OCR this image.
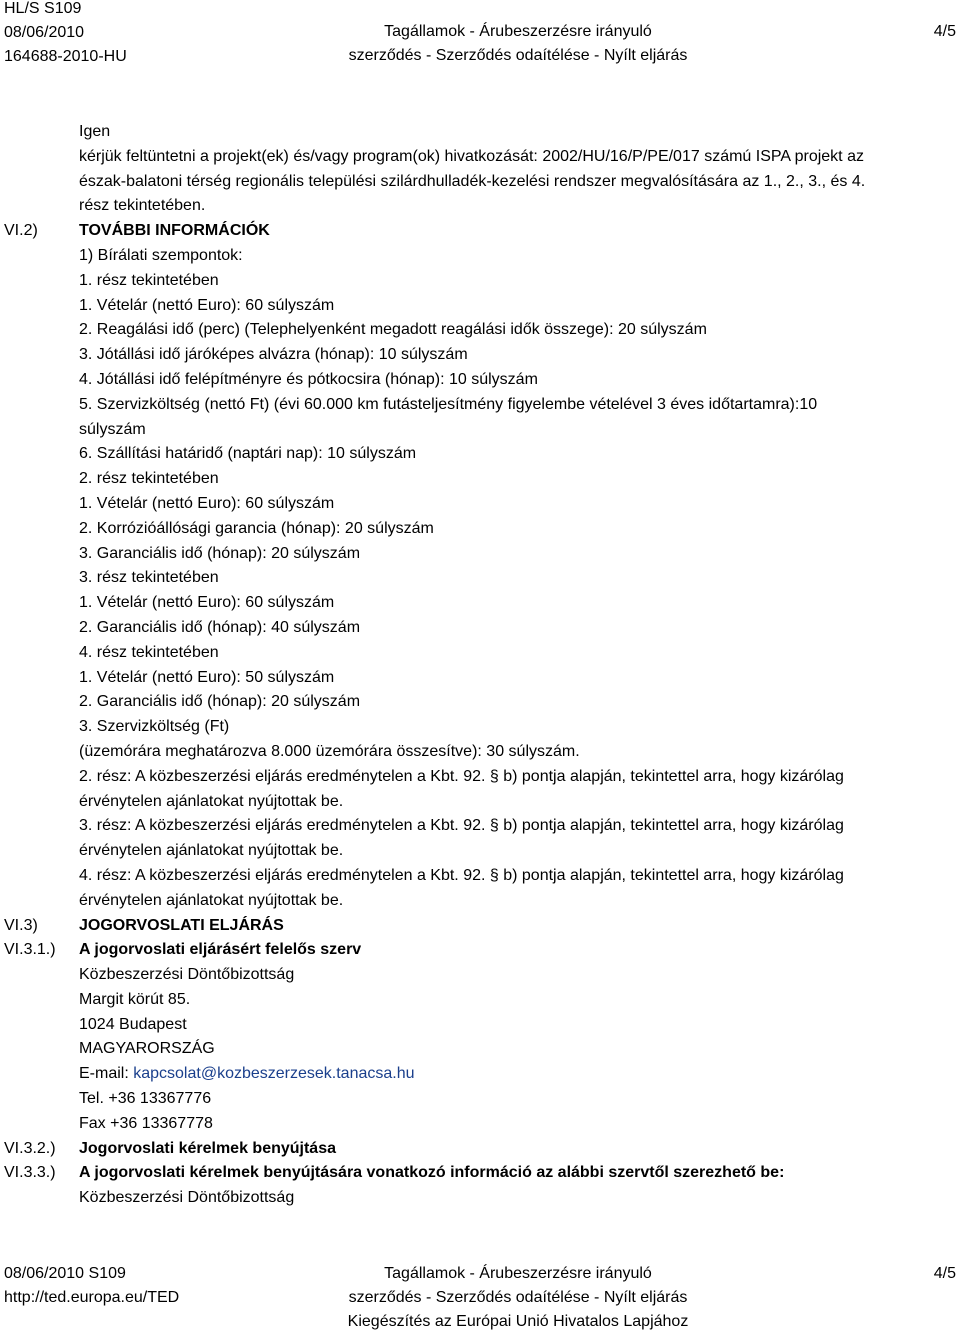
HL/S S109
08/06/2010
164688-2010-HU
Tagállamok - Árubeszerzésre irányuló
szerződés - Szerződés odaítélése - Nyílt eljárás
4/5
Igen
kérjük feltüntetni a projekt(ek) és/vagy program(ok) hivatkozását: 2002/HU/16/P/PE/017 számú ISPA projekt az
észak-balatoni térség regionális települési szilárdhulladék-kezelési rendszer megvalósítására az 1., 2., 3., és 4.
rész tekintetében.
VI.2)	TOVÁBBI INFORMÁCIÓK
1) Bírálati szempontok:
1. rész tekintetében
1. Vételár (nettó Euro): 60 súlyszám
2. Reagálási idő (perc) (Telephelyenként megadott reagálási idők összege): 20 súlyszám
3. Jótállási idő járóképes alvázra (hónap): 10 súlyszám
4. Jótállási idő felépítményre és pótkocsira (hónap): 10 súlyszám
5. Szervizköltség (nettó Ft) (évi 60.000 km futásteljesítmény figyelembe vételével 3 éves időtartamra):10
súlyszám
6. Szállítási határidő (naptári nap): 10 súlyszám
2. rész tekintetében
1. Vételár (nettó Euro): 60 súlyszám
2. Korrózióállósági garancia (hónap): 20 súlyszám
3. Garanciális idő (hónap): 20 súlyszám
3. rész tekintetében
1. Vételár (nettó Euro): 60 súlyszám
2. Garanciális idő (hónap): 40 súlyszám
4. rész tekintetében
1. Vételár (nettó Euro): 50 súlyszám
2. Garanciális idő (hónap): 20 súlyszám
3. Szervizköltség (Ft)
(üzemórára meghatározva 8.000 üzemórára összesítve): 30 súlyszám.
2. rész: A közbeszerzési eljárás eredménytelen a Kbt. 92. § b) pontja alapján, tekintettel arra, hogy kizárólag
érvénytelen ajánlatokat nyújtottak be.
3. rész: A közbeszerzési eljárás eredménytelen a Kbt. 92. § b) pontja alapján, tekintettel arra, hogy kizárólag
érvénytelen ajánlatokat nyújtottak be.
4. rész: A közbeszerzési eljárás eredménytelen a Kbt. 92. § b) pontja alapján, tekintettel arra, hogy kizárólag
érvénytelen ajánlatokat nyújtottak be.
VI.3)	JOGORVOSLATI ELJÁRÁS
VI.3.1.) A jogorvoslati eljárásért felelős szerv
Közbeszerzési Döntőbizottság
Margit körút 85.
1024 Budapest
MAGYARORSZÁG
E-mail: kapcsolat@kozbeszerzesek.tanacsa.hu
Tel. +36 13367776
Fax +36 13367778
VI.3.2.) Jogorvoslati kérelmek benyújtása
VI.3.3.) A jogorvoslati kérelmek benyújtására vonatkozó információ az alábbi szervtől szerezhető be:
Közbeszerzési Döntőbizottság
08/06/2010 S109
http://ted.europa.eu/TED
Tagállamok - Árubeszerzésre irányuló
szerződés - Szerződés odaítélése - Nyílt eljárás
Kiegészítés az Európai Unió Hivatalos Lapjához
4/5
